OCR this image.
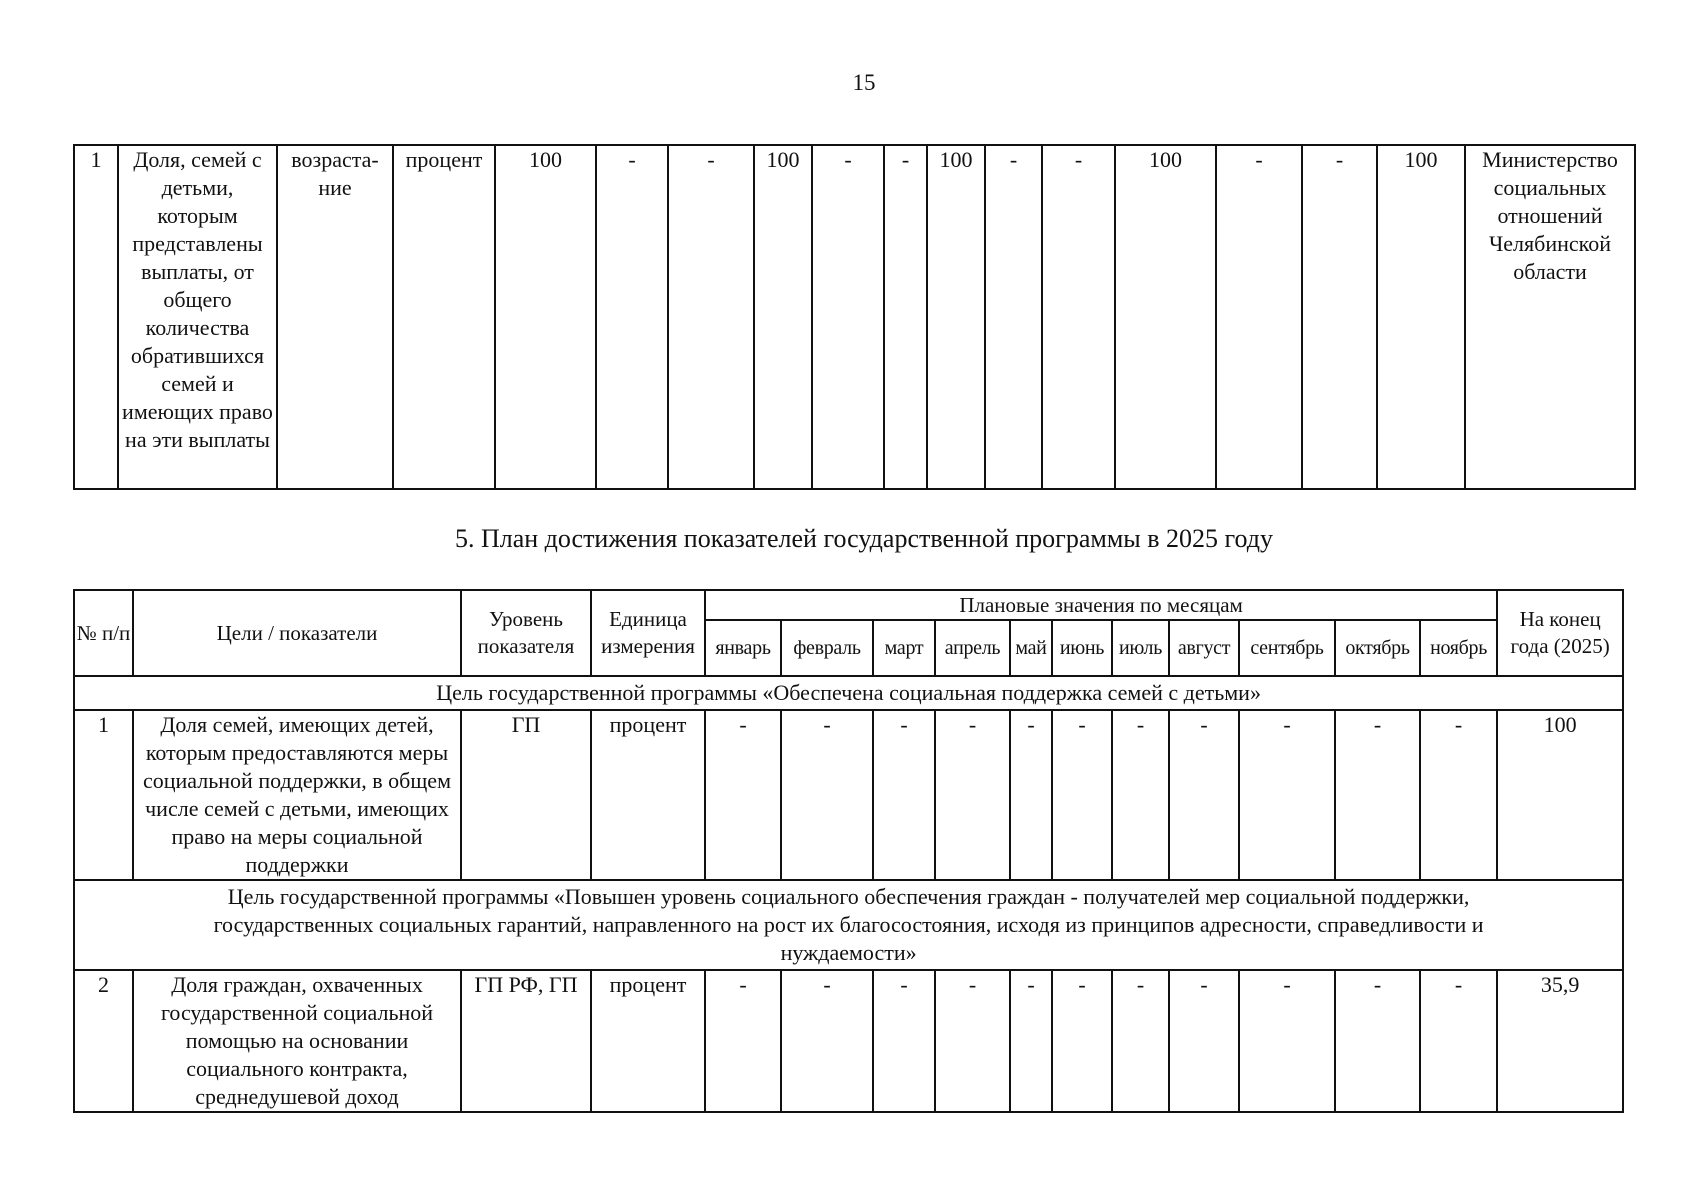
15
1	Доля, семей с детьми, которым представлены выплаты, от общего количества обратившихся семей и имеющих право на эти выплаты	возраста- ние	процент	100	-	-	100	-	-	100	-	-	100	-	-	100	Министерство социальных отношений Челябинской области
5. План достижения показателей государственной программы в 2025 году
№ п/п	Цели / показатели	Уровень показателя	Единица измерения	Плановые значения по месяцам											На конец года (2025)
				январь	февраль	март	апрель	май	июнь	июль	август	сентябрь	октябрь	ноябрь	
Цель государственной программы «Обеспечена социальная поддержка семей с детьми»															
1	Доля семей, имеющих детей, которым предоставляются меры социальной поддержки, в общем числе семей с детьми, имеющих право на меры социальной поддержки	ГП	процент	-	-	-	-	-	-	-	-	-	-	-	100
Цель государственной программы «Повышен уровень социального обеспечения граждан - получателей мер социальной поддержки, государственных социальных гарантий, направленного на рост их благосостояния, исходя из принципов адресности, справедливости и нуждаемости»															
2	Доля граждан, охваченных государственной социальной помощью на основании социального контракта, среднедушевой доход	ГП РФ, ГП	процент	-	-	-	-	-	-	-	-	-	-	-	35,9
